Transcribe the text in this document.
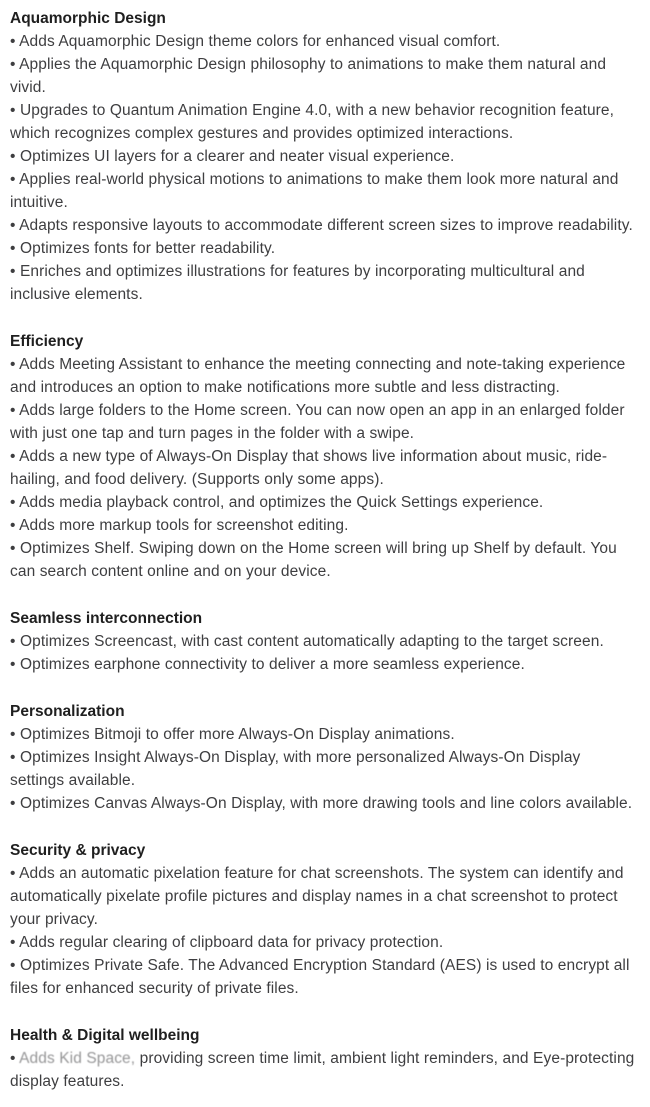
Aquamorphic Design
• Adds Aquamorphic Design theme colors for enhanced visual comfort.
• Applies the Aquamorphic Design philosophy to animations to make them natural and vivid.
• Upgrades to Quantum Animation Engine 4.0, with a new behavior recognition feature, which recognizes complex gestures and provides optimized interactions.
• Optimizes UI layers for a clearer and neater visual experience.
• Applies real-world physical motions to animations to make them look more natural and intuitive.
• Adapts responsive layouts to accommodate different screen sizes to improve readability.
• Optimizes fonts for better readability.
• Enriches and optimizes illustrations for features by incorporating multicultural and inclusive elements.
Efficiency
• Adds Meeting Assistant to enhance the meeting connecting and note-taking experience and introduces an option to make notifications more subtle and less distracting.
• Adds large folders to the Home screen. You can now open an app in an enlarged folder with just one tap and turn pages in the folder with a swipe.
• Adds a new type of Always-On Display that shows live information about music, ride-hailing, and food delivery. (Supports only some apps).
• Adds media playback control, and optimizes the Quick Settings experience.
• Adds more markup tools for screenshot editing.
• Optimizes Shelf. Swiping down on the Home screen will bring up Shelf by default. You can search content online and on your device.
Seamless interconnection
• Optimizes Screencast, with cast content automatically adapting to the target screen.
• Optimizes earphone connectivity to deliver a more seamless experience.
Personalization
• Optimizes Bitmoji to offer more Always-On Display animations.
• Optimizes Insight Always-On Display, with more personalized Always-On Display settings available.
• Optimizes Canvas Always-On Display, with more drawing tools and line colors available.
Security & privacy
• Adds an automatic pixelation feature for chat screenshots. The system can identify and automatically pixelate profile pictures and display names in a chat screenshot to protect your privacy.
• Adds regular clearing of clipboard data for privacy protection.
• Optimizes Private Safe. The Advanced Encryption Standard (AES) is used to encrypt all files for enhanced security of private files.
Health & Digital wellbeing
• Adds Kid Space, providing screen time limit, ambient light reminders, and Eye-protecting display features.
